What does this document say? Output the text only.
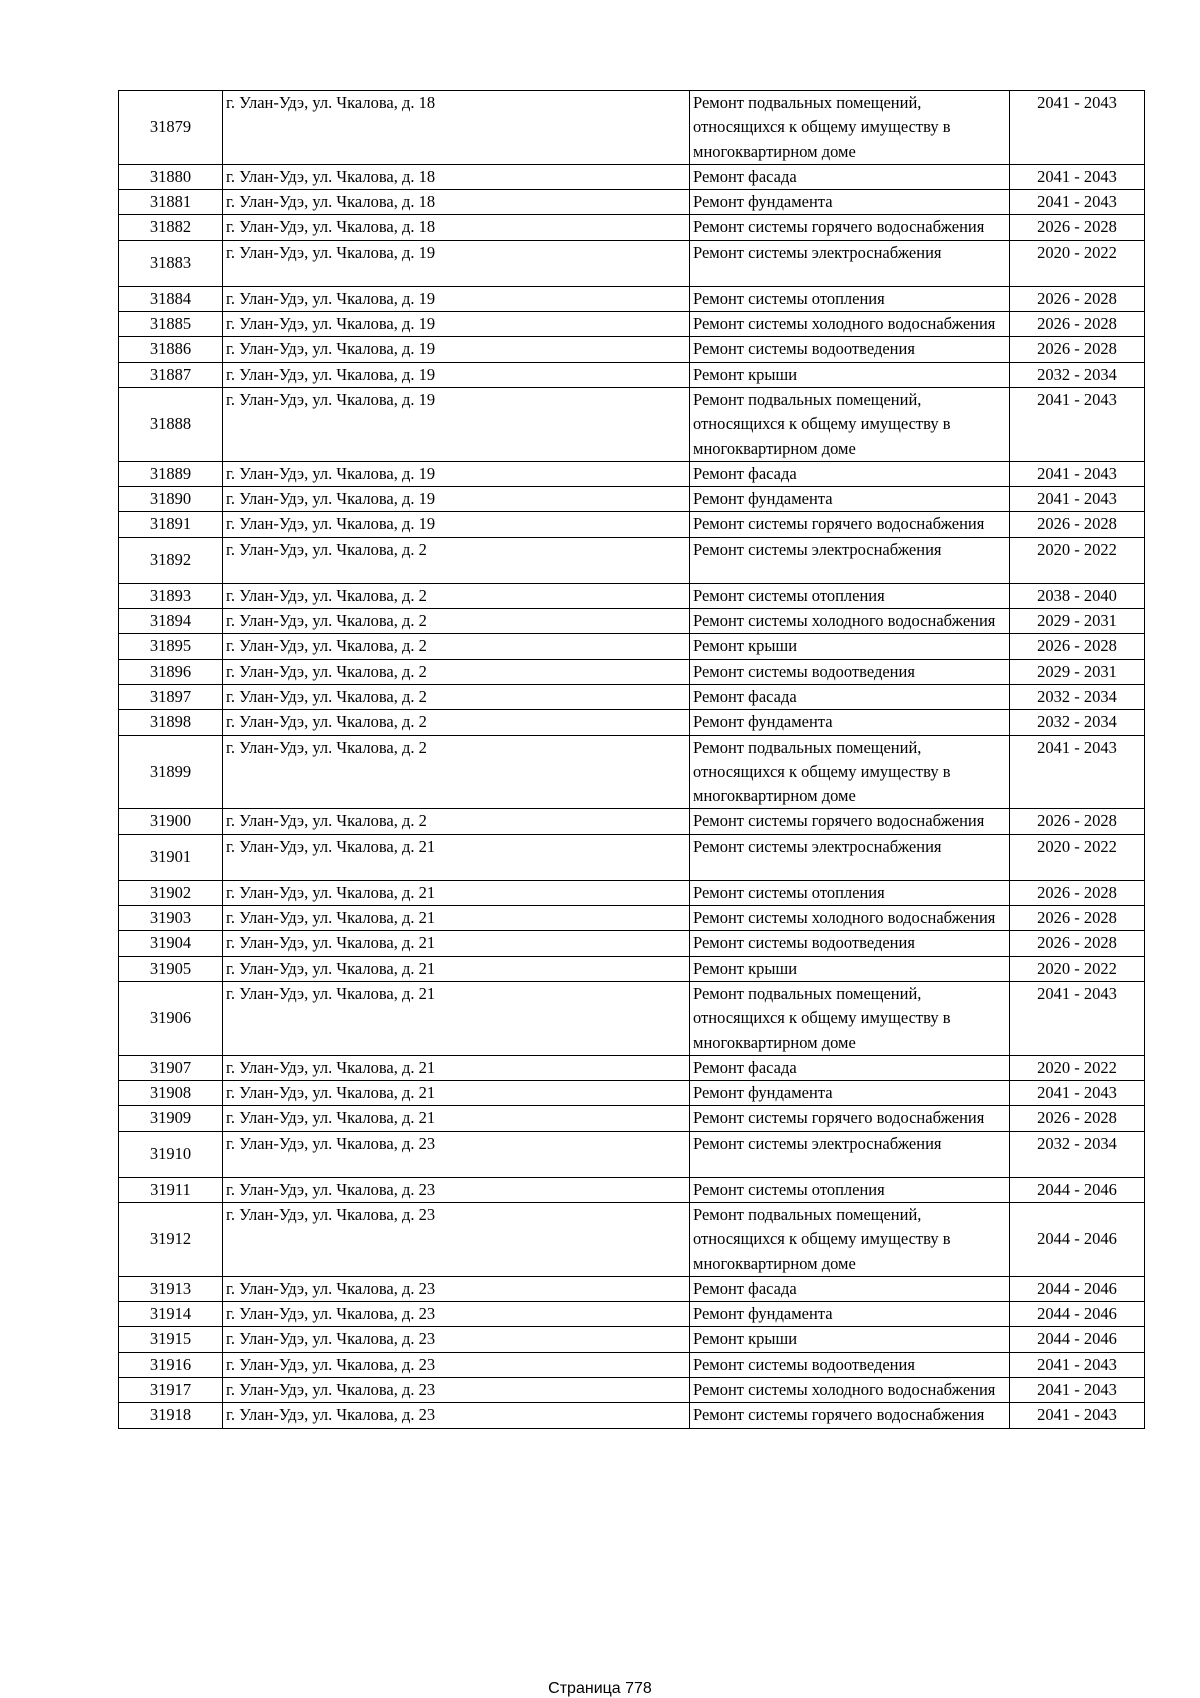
31879	г. Улан-Удэ, ул. Чкалова, д. 18	Ремонт подвальных помещений, относящихся к общему имуществу в многоквартирном доме	2041 - 2043
31880	г. Улан-Удэ, ул. Чкалова, д. 18	Ремонт фасада	2041 - 2043
31881	г. Улан-Удэ, ул. Чкалова, д. 18	Ремонт фундамента	2041 - 2043
31882	г. Улан-Удэ, ул. Чкалова, д. 18	Ремонт системы горячего водоснабжения	2026 - 2028
31883	г. Улан-Удэ, ул. Чкалова, д. 19	Ремонт системы электроснабжения	2020 - 2022
31884	г. Улан-Удэ, ул. Чкалова, д. 19	Ремонт системы отопления	2026 - 2028
31885	г. Улан-Удэ, ул. Чкалова, д. 19	Ремонт системы холодного водоснабжения	2026 - 2028
31886	г. Улан-Удэ, ул. Чкалова, д. 19	Ремонт системы водоотведения	2026 - 2028
31887	г. Улан-Удэ, ул. Чкалова, д. 19	Ремонт крыши	2032 - 2034
31888	г. Улан-Удэ, ул. Чкалова, д. 19	Ремонт подвальных помещений, относящихся к общему имуществу в многоквартирном доме	2041 - 2043
31889	г. Улан-Удэ, ул. Чкалова, д. 19	Ремонт фасада	2041 - 2043
31890	г. Улан-Удэ, ул. Чкалова, д. 19	Ремонт фундамента	2041 - 2043
31891	г. Улан-Удэ, ул. Чкалова, д. 19	Ремонт системы горячего водоснабжения	2026 - 2028
31892	г. Улан-Удэ, ул. Чкалова, д. 2	Ремонт системы электроснабжения	2020 - 2022
31893	г. Улан-Удэ, ул. Чкалова, д. 2	Ремонт системы отопления	2038 - 2040
31894	г. Улан-Удэ, ул. Чкалова, д. 2	Ремонт системы холодного водоснабжения	2029 - 2031
31895	г. Улан-Удэ, ул. Чкалова, д. 2	Ремонт крыши	2026 - 2028
31896	г. Улан-Удэ, ул. Чкалова, д. 2	Ремонт системы водоотведения	2029 - 2031
31897	г. Улан-Удэ, ул. Чкалова, д. 2	Ремонт фасада	2032 - 2034
31898	г. Улан-Удэ, ул. Чкалова, д. 2	Ремонт фундамента	2032 - 2034
31899	г. Улан-Удэ, ул. Чкалова, д. 2	Ремонт подвальных помещений, относящихся к общему имуществу в многоквартирном доме	2041 - 2043
31900	г. Улан-Удэ, ул. Чкалова, д. 2	Ремонт системы горячего водоснабжения	2026 - 2028
31901	г. Улан-Удэ, ул. Чкалова, д. 21	Ремонт системы электроснабжения	2020 - 2022
31902	г. Улан-Удэ, ул. Чкалова, д. 21	Ремонт системы отопления	2026 - 2028
31903	г. Улан-Удэ, ул. Чкалова, д. 21	Ремонт системы холодного водоснабжения	2026 - 2028
31904	г. Улан-Удэ, ул. Чкалова, д. 21	Ремонт системы водоотведения	2026 - 2028
31905	г. Улан-Удэ, ул. Чкалова, д. 21	Ремонт крыши	2020 - 2022
31906	г. Улан-Удэ, ул. Чкалова, д. 21	Ремонт подвальных помещений, относящихся к общему имуществу в многоквартирном доме	2041 - 2043
31907	г. Улан-Удэ, ул. Чкалова, д. 21	Ремонт фасада	2020 - 2022
31908	г. Улан-Удэ, ул. Чкалова, д. 21	Ремонт фундамента	2041 - 2043
31909	г. Улан-Удэ, ул. Чкалова, д. 21	Ремонт системы горячего водоснабжения	2026 - 2028
31910	г. Улан-Удэ, ул. Чкалова, д. 23	Ремонт системы электроснабжения	2032 - 2034
31911	г. Улан-Удэ, ул. Чкалова, д. 23	Ремонт системы отопления	2044 - 2046
31912	г. Улан-Удэ, ул. Чкалова, д. 23	Ремонт подвальных помещений, относящихся к общему имуществу в многоквартирном доме	2044 - 2046
31913	г. Улан-Удэ, ул. Чкалова, д. 23	Ремонт фасада	2044 - 2046
31914	г. Улан-Удэ, ул. Чкалова, д. 23	Ремонт фундамента	2044 - 2046
31915	г. Улан-Удэ, ул. Чкалова, д. 23	Ремонт крыши	2044 - 2046
31916	г. Улан-Удэ, ул. Чкалова, д. 23	Ремонт системы водоотведения	2041 - 2043
31917	г. Улан-Удэ, ул. Чкалова, д. 23	Ремонт системы холодного водоснабжения	2041 - 2043
31918	г. Улан-Удэ, ул. Чкалова, д. 23	Ремонт системы горячего водоснабжения	2041 - 2043
Страница 778
